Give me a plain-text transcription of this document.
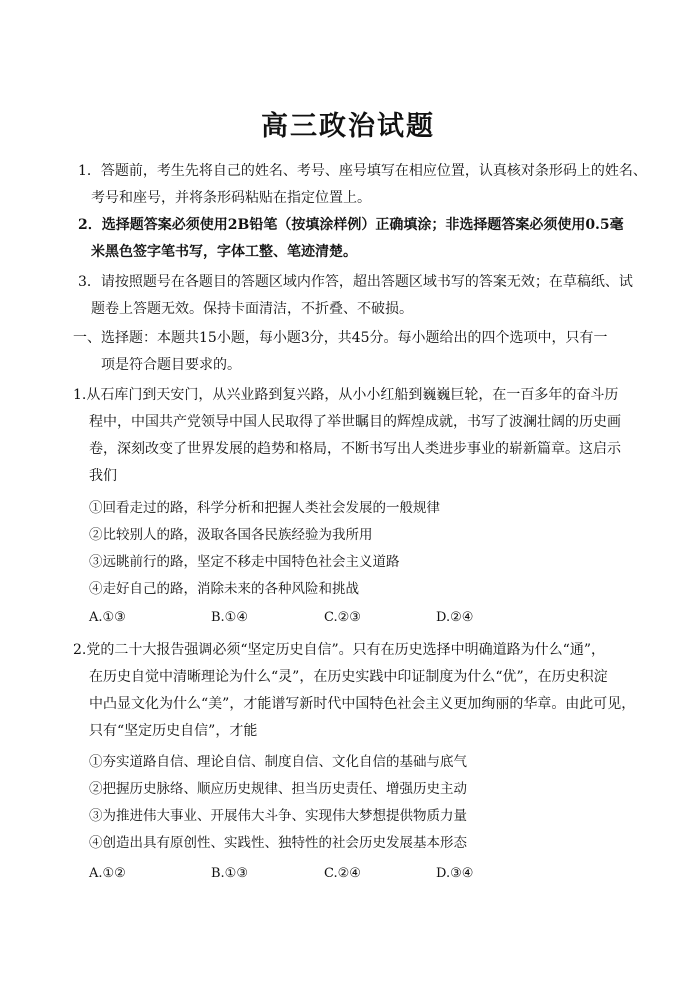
高三政治试题
1．答题前，考生先将自己的姓名、考号、座号填写在相应位置，认真核对条形码上的姓名、
考号和座号，并将条形码粘贴在指定位置上。
2．选择题答案必须使用2B铅笔（按填涂样例）正确填涂；非选择题答案必须使用0.5毫
米黑色签字笔书写，字体工整、笔迹清楚。
3．请按照题号在各题目的答题区域内作答，超出答题区域书写的答案无效；在草稿纸、试
题卷上答题无效。保持卡面清洁，不折叠、不破损。
一、选择题：本题共15小题，每小题3分，共45分。每小题给出的四个选项中，只有一
项是符合题目要求的。
1.从石库门到天安门，从兴业路到复兴路，从小小红船到巍巍巨轮，在一百多年的奋斗历
程中，中国共产党领导中国人民取得了举世瞩目的辉煌成就，书写了波澜壮阔的历史画
卷，深刻改变了世界发展的趋势和格局，不断书写出人类进步事业的崭新篇章。这启示
我们
①回看走过的路，科学分析和把握人类社会发展的一般规律
②比较别人的路，汲取各国各民族经验为我所用
③远眺前行的路，坚定不移走中国特色社会主义道路
④走好自己的路，消除未来的各种风险和挑战
A.①③	B.①④	C.②③	D.②④
2.党的二十大报告强调必须“坚定历史自信”。只有在历史选择中明确道路为什么“通”，
在历史自觉中清晰理论为什么“灵”，在历史实践中印证制度为什么“优”，在历史积淀
中凸显文化为什么“美”，才能谱写新时代中国特色社会主义更加绚丽的华章。由此可见，
只有“坚定历史自信”，才能
①夯实道路自信、理论自信、制度自信、文化自信的基础与底气
②把握历史脉络、顺应历史规律、担当历史责任、增强历史主动
③为推进伟大事业、开展伟大斗争、实现伟大梦想提供物质力量
④创造出具有原创性、实践性、独特性的社会历史发展基本形态
A.①②	B.①③	C.②④	D.③④
